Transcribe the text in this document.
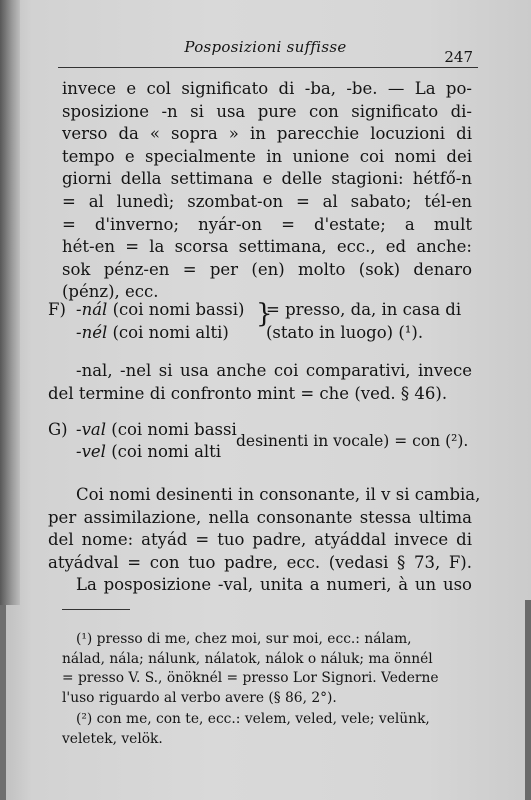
Posposizioni suffisse
247
invece e col significato di -ba, -be. — La po-
sposizione -n si usa pure con significato di-
verso da « sopra » in parecchie locuzioni di
tempo e specialmente in unione coi nomi dei
giorni della settimana e delle stagioni: hétfő-n
= al lunedì; szombat-on = al sabato; tél-en
= d'inverno; nyár-on = d'estate; a mult
hét-en = la scorsa settimana, ecc., ed anche:
sok pénz-en = per (en) molto (sok) denaro
(pénz), ecc.
F) -nál (coi nomi bassi)
-nél (coi nomi alti)
}
= presso, da, in casa di
(stato in luogo) (¹).
-nal, -nel si usa anche coi comparativi, invece
del termine di confronto mint = che (ved. § 46).
G) -val (coi nomi bassi
-vel (coi nomi alti
desinenti in vocale) = con (²).
Coi nomi desinenti in consonante, il v si cambia,
per assimilazione, nella consonante stessa ultima
del nome: atyád = tuo padre, atyáddal invece di
atyádval = con tuo padre, ecc. (vedasi § 73, F).
La posposizione -val, unita a numeri, à un uso
(¹) presso di me, chez moi, sur moi, ecc.: nálam,
nálad, nála; nálunk, nálatok, nálok o náluk; ma önnél
= presso V. S., önöknél = presso Lor Signori. Vederne
l'uso riguardo al verbo avere (§ 86, 2°).
(²) con me, con te, ecc.: velem, veled, vele; velünk,
veletek, velök.
